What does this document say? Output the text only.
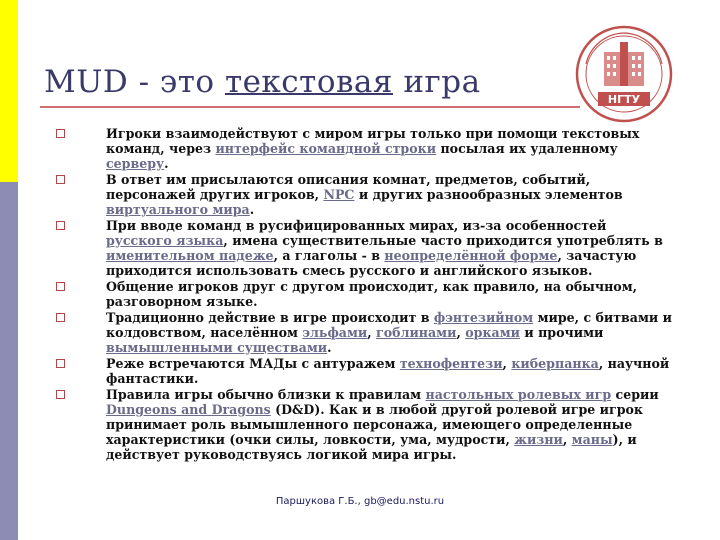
MUD - это текстовая игра	НГТУ
Игроки взаимодействуют с миром игры только при помощи текстовых команд, через интерфейс командной строки посылая их удаленному серверу.
В ответ им присылаются описания комнат, предметов, событий, персонажей других игроков, NPC и других разнообразных элементов виртуального мира.
При вводе команд в русифицированных мирах, из-за особенностей русского языка, имена существительные часто приходится употреблять в именительном падеже, а глаголы - в неопределённой форме, зачастую приходится использовать смесь русского и английского языков.
Общение игроков друг с другом происходит, как правило, на обычном, разговорном языке.
Традиционно действие в игре происходит в фэнтезийном мире, с битвами и колдовством, населённом эльфами, гоблинами, орками и прочими вымышленными существами.
Реже встречаются МАДы с антуражем технофентези, киберпанка, научной фантастики.
Правила игры обычно близки к правилам настольных ролевых игр серии Dungeons and Dragons (D&D). Как и в любой другой ролевой игре игрок принимает роль вымышленного персонажа, имеющего определенные характеристики (очки силы, ловкости, ума, мудрости, жизни, маны), и действует руководствуясь логикой мира игры.
Паршукова Г.Б., gb@edu.nstu.ru
